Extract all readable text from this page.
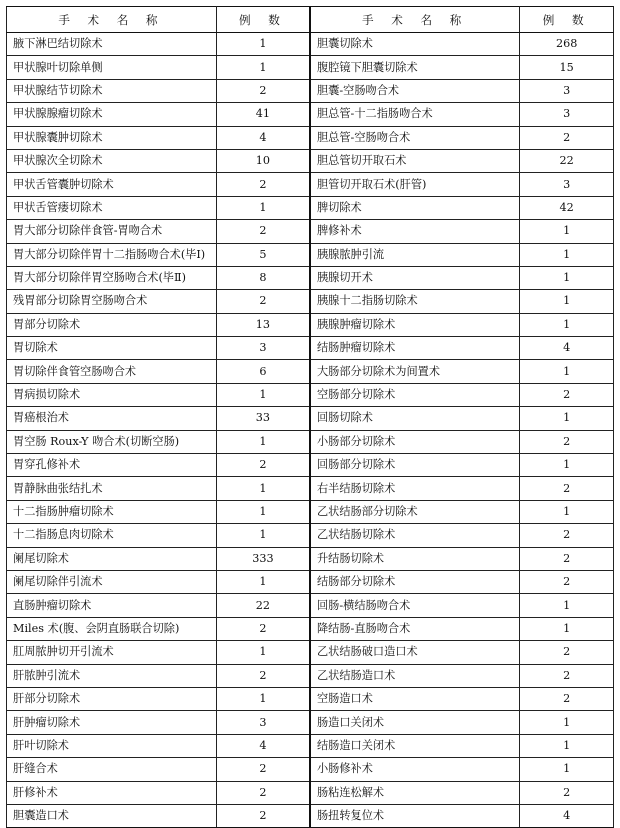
手 术 名 称	例 数	手 术 名 称	例 数
腋下淋巴结切除术	1	胆囊切除术	268
甲状腺叶切除单侧	1	腹腔镜下胆囊切除术	15
甲状腺结节切除术	2	胆囊-空肠吻合术	3
甲状腺腺瘤切除术	41	胆总管-十二指肠吻合术	3
甲状腺囊肿切除术	4	胆总管-空肠吻合术	2
甲状腺次全切除术	10	胆总管切开取石术	22
甲状舌管囊肿切除术	2	胆管切开取石术(肝管)	3
甲状舌管瘘切除术	1	脾切除术	42
胃大部分切除伴食管-胃吻合术	2	脾修补术	1
胃大部分切除伴胃十二指肠吻合术(毕Ⅰ)	5	胰腺脓肿引流	1
胃大部分切除伴胃空肠吻合术(毕Ⅱ)	8	胰腺切开术	1
残胃部分切除胃空肠吻合术	2	胰腺十二指肠切除术	1
胃部分切除术	13	胰腺肿瘤切除术	1
胃切除术	3	结肠肿瘤切除术	4
胃切除伴食管空肠吻合术	6	大肠部分切除术为间置术	1
胃病损切除术	1	空肠部分切除术	2
胃癌根治术	33	回肠切除术	1
胃空肠 Roux-Y 吻合术(切断空肠)	1	小肠部分切除术	2
胃穿孔修补术	2	回肠部分切除术	1
胃静脉曲张结扎术	1	右半结肠切除术	2
十二指肠肿瘤切除术	1	乙状结肠部分切除术	1
十二指肠息肉切除术	1	乙状结肠切除术	2
阑尾切除术	333	升结肠切除术	2
阑尾切除伴引流术	1	结肠部分切除术	2
直肠肿瘤切除术	22	回肠-横结肠吻合术	1
Miles 术(腹、会阴直肠联合切除)	2	降结肠-直肠吻合术	1
肛周脓肿切开引流术	1	乙状结肠破口造口术	2
肝脓肿引流术	2	乙状结肠造口术	2
肝部分切除术	1	空肠造口术	2
肝肿瘤切除术	3	肠造口关闭术	1
肝叶切除术	4	结肠造口关闭术	1
肝缝合术	2	小肠修补术	1
肝修补术	2	肠粘连松解术	2
胆囊造口术	2	肠扭转复位术	4
